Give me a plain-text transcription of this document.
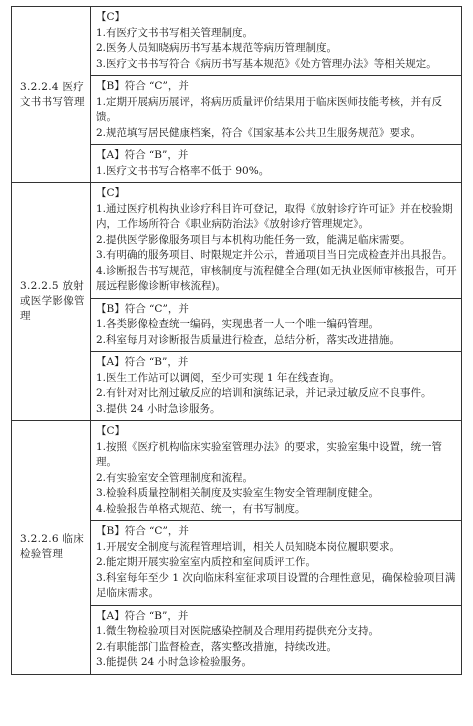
3.2.2.4 医疗文书书写管理	【C】
1.有医疗文书书写相关管理制度。
2.医务人员知晓病历书写基本规范等病历管理制度。
3.医疗文书书写符合《病历书写基本规范》《处方管理办法》等相关规定。

	【B】符合 “C”，并
1.定期开展病历展评，将病历质量评价结果用于临床医师技能考核，并有反馈。
2.规范填写居民健康档案，符合《国家基本公共卫生服务规范》要求。

	【A】符合 “B”，并
1.医疗文书书写合格率不低于 90%。

3.2.2.5 放射或医学影像管理	【C】
1.通过医疗机构执业诊疗科目许可登记，取得《放射诊疗许可证》并在校验期内，工作场所符合《职业病防治法》《放射诊疗管理规定》。
2.提供医学影像服务项目与本机构功能任务一致，能满足临床需要。
3.有明确的服务项目、时限规定并公示，普通项目当日完成检查并出具报告。
4.诊断报告书写规范，审核制度与流程健全合理(如无执业医师审核报告，可开展远程影像诊断审核流程)。

	【B】符合 “C”，并
1.各类影像检查统一编码，实现患者一人一个唯一编码管理。
2.科室每月对诊断报告质量进行检查，总结分析，落实改进措施。

	【A】符合 “B”，并
1.医生工作站可以调阅，至少可实现 1 年在线查询。
2.有针对对比剂过敏反应的培训和演练记录，并记录过敏反应不良事件。
3.提供 24 小时急诊服务。

3.2.2.6 临床检验管理	【C】
1.按照《医疗机构临床实验室管理办法》的要求，实验室集中设置，统一管理。
2.有实验室安全管理制度和流程。
3.检验科质量控制相关制度及实验室生物安全管理制度健全。
4.检验报告单格式规范、统一，有书写制度。

	【B】符合 “C”，并
1.开展安全制度与流程管理培训，相关人员知晓本岗位履职要求。
2.能定期开展实验室室内质控和室间质评工作。
3.科室每年至少 1 次向临床科室征求项目设置的合理性意见，确保检验项目满足临床需求。

	【A】符合 “B”，并
1.微生物检验项目对医院感染控制及合理用药提供充分支持。
2.有职能部门监督检查，落实整改措施，持续改进。
3.能提供 24 小时急诊检验服务。
